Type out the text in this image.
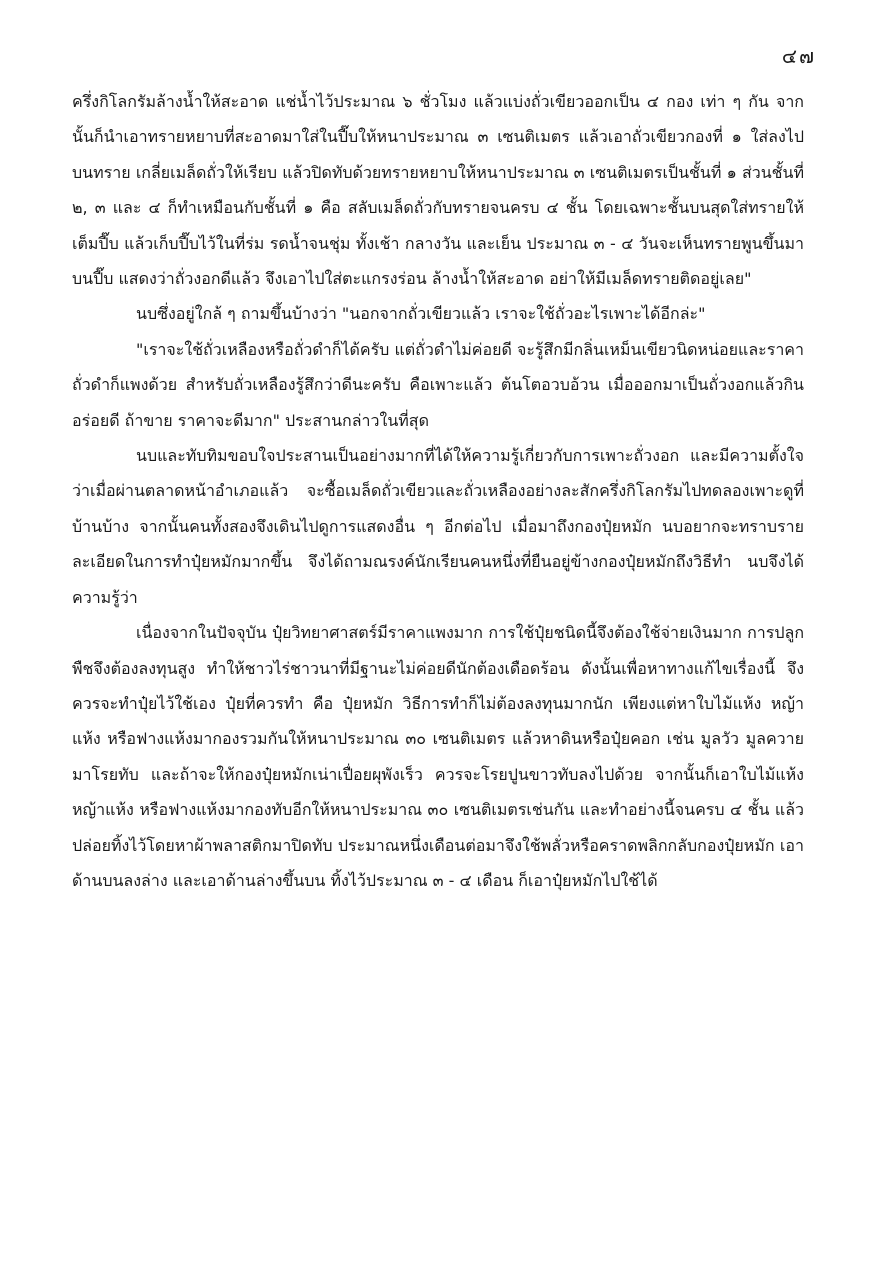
๔๗

ครึ่งกิโลกรัมล้างน้ำให้สะอาด แช่น้ำไว้ประมาณ ๖ ชั่วโมง แล้วแบ่งถั่วเขียวออกเป็น ๔ กอง เท่า ๆ กัน จากนั้นก็นำเอาทรายหยาบที่สะอาดมาใส่ในปี๊บให้หนาประมาณ ๓ เซนติเมตร แล้วเอาถั่วเขียวกองที่ ๑ ใส่ลงไปบนทราย เกลี่ยเมล็ดถั่วให้เรียบ แล้วปิดทับด้วยทรายหยาบให้หนาประมาณ ๓ เซนติเมตรเป็นชั้นที่ ๑ ส่วนชั้นที่ ๒, ๓ และ ๔ ก็ทำเหมือนกับชั้นที่ ๑ คือ สลับเมล็ดถั่วกับทรายจนครบ ๔ ชั้น โดยเฉพาะชั้นบนสุดใส่ทรายให้เต็มปี๊บ แล้วเก็บปี๊บไว้ในที่ร่ม รดน้ำจนชุ่ม ทั้งเช้า กลางวัน และเย็น ประมาณ ๓ - ๔ วันจะเห็นทรายพูนขึ้นมาบนปี๊บ แสดงว่าถั่วงอกดีแล้ว จึงเอาไปใส่ตะแกรงร่อน ล้างน้ำให้สะอาด อย่าให้มีเมล็ดทรายติดอยู่เลย"

นบซึ่งอยู่ใกล้ ๆ ถามขึ้นบ้างว่า "นอกจากถั่วเขียวแล้ว เราจะใช้ถั่วอะไรเพาะได้อีกล่ะ"

"เราจะใช้ถั่วเหลืองหรือถั่วดำก็ได้ครับ แต่ถั่วดำไม่ค่อยดี จะรู้สึกมีกลิ่นเหม็นเขียวนิดหน่อยและราคาถั่วดำก็แพงด้วย สำหรับถั่วเหลืองรู้สึกว่าดีนะครับ คือเพาะแล้ว ต้นโตอวบอ้วน เมื่อออกมาเป็นถั่วงอกแล้วกินอร่อยดี ถ้าขาย ราคาจะดีมาก" ประสานกล่าวในที่สุด

นบและทับทิมขอบใจประสานเป็นอย่างมากที่ได้ให้ความรู้เกี่ยวกับการเพาะถั่วงอก และมีความตั้งใจว่าเมื่อผ่านตลาดหน้าอำเภอแล้ว จะซื้อเมล็ดถั่วเขียวและถั่วเหลืองอย่างละสักครึ่งกิโลกรัมไปทดลองเพาะดูที่บ้านบ้าง จากนั้นคนทั้งสองจึงเดินไปดูการแสดงอื่น ๆ อีกต่อไป เมื่อมาถึงกองปุ๋ยหมัก นบอยากจะทราบรายละเอียดในการทำปุ๋ยหมักมากขึ้น จึงได้ถามณรงค์นักเรียนคนหนึ่งที่ยืนอยู่ข้างกองปุ๋ยหมักถึงวิธีทำ นบจึงได้ความรู้ว่า

เนื่องจากในปัจจุบัน ปุ๋ยวิทยาศาสตร์มีราคาแพงมาก การใช้ปุ๋ยชนิดนี้จึงต้องใช้จ่ายเงินมาก การปลูกพืชจึงต้องลงทุนสูง ทำให้ชาวไร่ชาวนาที่มีฐานะไม่ค่อยดีนักต้องเดือดร้อน ดังนั้นเพื่อหาทางแก้ไขเรื่องนี้ จึงควรจะทำปุ๋ยไว้ใช้เอง ปุ๋ยที่ควรทำ คือ ปุ๋ยหมัก วิธีการทำก็ไม่ต้องลงทุนมากนัก เพียงแต่หาใบไม้แห้ง หญ้าแห้ง หรือฟางแห้งมากองรวมกันให้หนาประมาณ ๓๐ เซนติเมตร แล้วหาดินหรือปุ๋ยคอก เช่น มูลวัว มูลควาย มาโรยทับ และถ้าจะให้กองปุ๋ยหมักเน่าเปื่อยผุพังเร็ว ควรจะโรยปูนขาวทับลงไปด้วย จากนั้นก็เอาใบไม้แห้ง หญ้าแห้ง หรือฟางแห้งมากองทับอีกให้หนาประมาณ ๓๐ เซนติเมตรเช่นกัน และทำอย่างนี้จนครบ ๔ ชั้น แล้วปล่อยทิ้งไว้โดยหาผ้าพลาสติกมาปิดทับ ประมาณหนึ่งเดือนต่อมาจึงใช้พลั่วหรือคราดพลิกกลับกองปุ๋ยหมัก เอาด้านบนลงล่าง และเอาด้านล่างขึ้นบน ทิ้งไว้ประมาณ ๓ - ๔ เดือน ก็เอาปุ๋ยหมักไปใช้ได้
